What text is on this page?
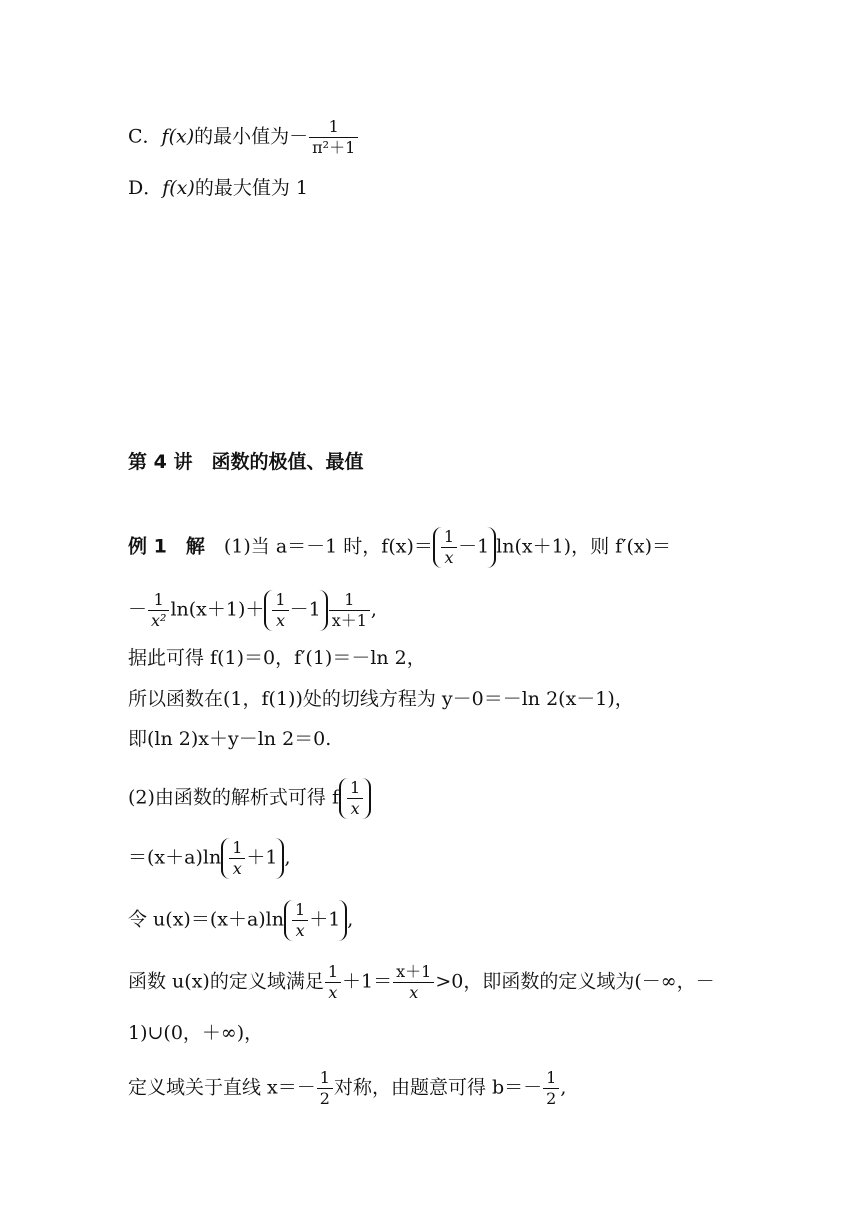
C．f(x)的最小值为－ $\frac{1}{\text{π²＋1}}$
D．f(x)的最大值为 1
第 4 讲　函数的极值、最值
例 1　 解　 (1)当 a＝－1 时，$f(x)= \frac{1}{x} -1$ ln(x＋1)，则 f′(x)＝
－ $\frac{1}{\text{x²}} \ln(x+1)+ \frac{1}{x} -1 \frac{1}{x+1}$ ,
据此可得 f(1)＝0，f′(1)＝－ln 2，
所以函数在(1，f(1))处的切线方程为 y－0＝－ln 2(x－1)，
即(ln 2)x＋y－ln 2＝0.
(2)由函数的解析式可得 f $\frac{1}{x}$
$=(x+a)\ln \frac{1}{x} +1$ ,
令 $u(x)=(x+a)\ln \frac{1}{x} +1$ ,
函数 u(x)的定义域满足 $\frac{1}{x} +1= \frac{x+1}{x} >0$，即函数的定义域为(－∞，－
1)∪(0，＋∞)，
定义域关于直线 $x=- \frac{1}{2}$ 对称，由题意可得 $b=- \frac{1}{2}$ ,
